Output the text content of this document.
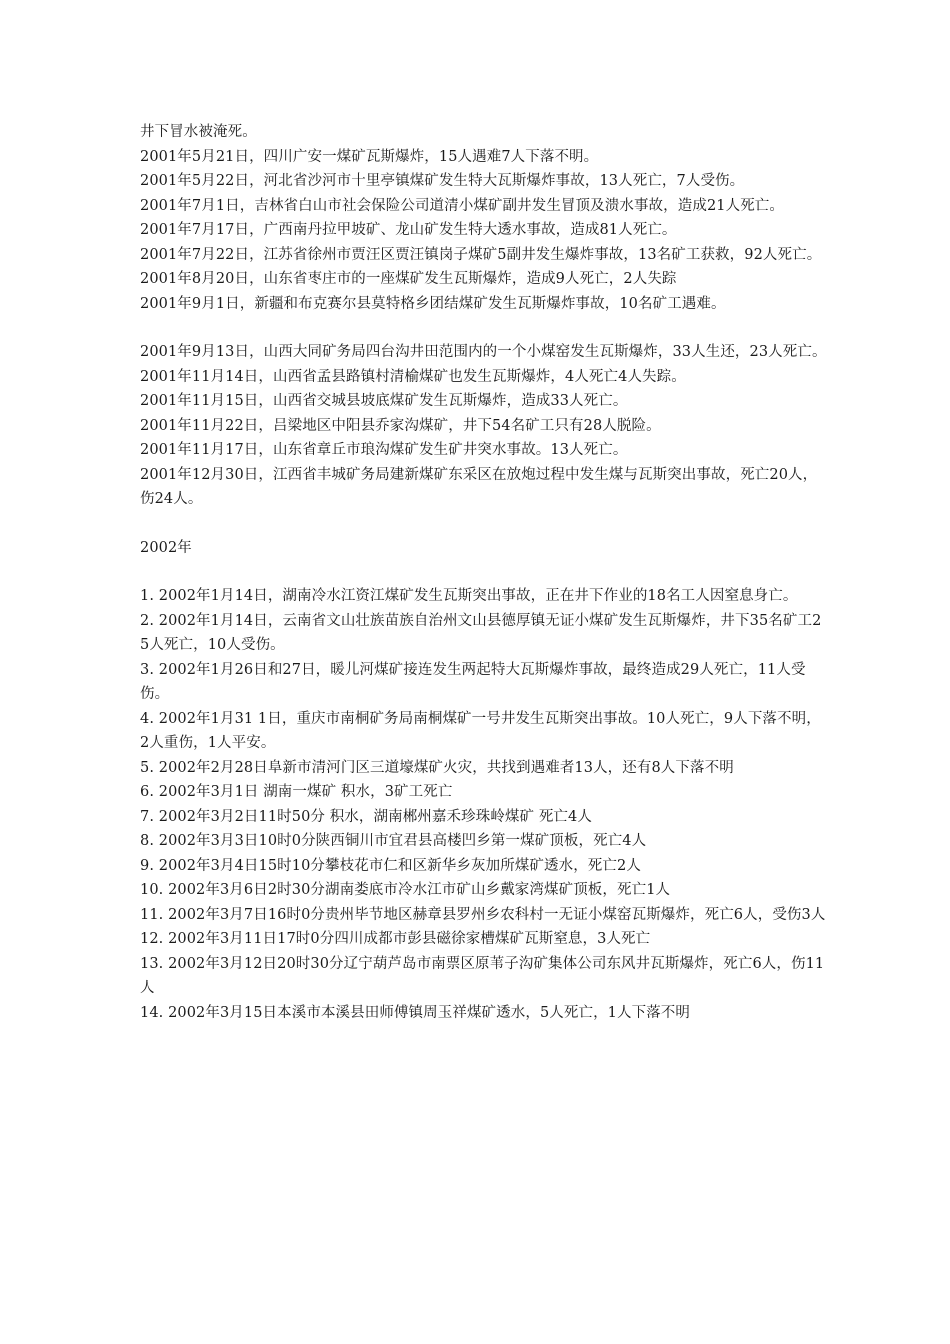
井下冒水被淹死。

2001年5月21日，四川广安一煤矿瓦斯爆炸，15人遇难7人下落不明。

2001年5月22日，河北省沙河市十里亭镇煤矿发生特大瓦斯爆炸事故，13人死亡，7人受伤。

2001年7月1日，吉林省白山市社会保险公司道清小煤矿副井发生冒顶及溃水事故，造成21人死亡。

2001年7月17日，广西南丹拉甲坡矿、龙山矿发生特大透水事故，造成81人死亡。

2001年7月22日，江苏省徐州市贾汪区贾汪镇岗子煤矿5副井发生爆炸事故，13名矿工获救，92人死亡。

2001年8月20日，山东省枣庄市的一座煤矿发生瓦斯爆炸，造成9人死亡，2人失踪

2001年9月1日，新疆和布克赛尔县莫特格乡团结煤矿发生瓦斯爆炸事故，10名矿工遇难。

2001年9月13日，山西大同矿务局四台沟井田范围内的一个小煤窑发生瓦斯爆炸，33人生还，23人死亡。

2001年11月14日，山西省孟县路镇村清榆煤矿也发生瓦斯爆炸，4人死亡4人失踪。

2001年11月15日，山西省交城县坡底煤矿发生瓦斯爆炸，造成33人死亡。

2001年11月22日，吕梁地区中阳县乔家沟煤矿，井下54名矿工只有28人脱险。

2001年11月17日，山东省章丘市琅沟煤矿发生矿井突水事故。13人死亡。

2001年12月30日，江西省丰城矿务局建新煤矿东采区在放炮过程中发生煤与瓦斯突出事故，死亡20人，伤24人。

2002年

1. 2002年1月14日，湖南冷水江资江煤矿发生瓦斯突出事故，正在井下作业的18名工人因窒息身亡。

2. 2002年1月14日，云南省文山壮族苗族自治州文山县德厚镇无证小煤矿发生瓦斯爆炸，井下35名矿工25人死亡，10人受伤。

3. 2002年1月26日和27日，暖儿河煤矿接连发生两起特大瓦斯爆炸事故，最终造成29人死亡，11人受伤。

4. 2002年1月31 1日，重庆市南桐矿务局南桐煤矿一号井发生瓦斯突出事故。10人死亡，9人下落不明，2人重伤，1人平安。

5. 2002年2月28日阜新市清河门区三道壕煤矿火灾，共找到遇难者13人，还有8人下落不明

6. 2002年3月1日 湖南一煤矿 积水，3矿工死亡

7. 2002年3月2日11时50分 积水，湖南郴州嘉禾珍珠岭煤矿 死亡4人

8. 2002年3月3日10时0分陕西铜川市宜君县高楼凹乡第一煤矿顶板，死亡4人

9. 2002年3月4日15时10分攀枝花市仁和区新华乡灰加所煤矿透水，死亡2人

10. 2002年3月6日2时30分湖南娄底市冷水江市矿山乡戴家湾煤矿顶板，死亡1人

11. 2002年3月7日16时0分贵州毕节地区赫章县罗州乡农科村一无证小煤窑瓦斯爆炸，死亡6人，受伤3人

12. 2002年3月11日17时0分四川成都市彭县磁徐家槽煤矿瓦斯窒息，3人死亡

13. 2002年3月12日20时30分辽宁葫芦岛市南票区原苇子沟矿集体公司东风井瓦斯爆炸，死亡6人，伤11人

14. 2002年3月15日本溪市本溪县田师傅镇周玉祥煤矿透水，5人死亡，1人下落不明
